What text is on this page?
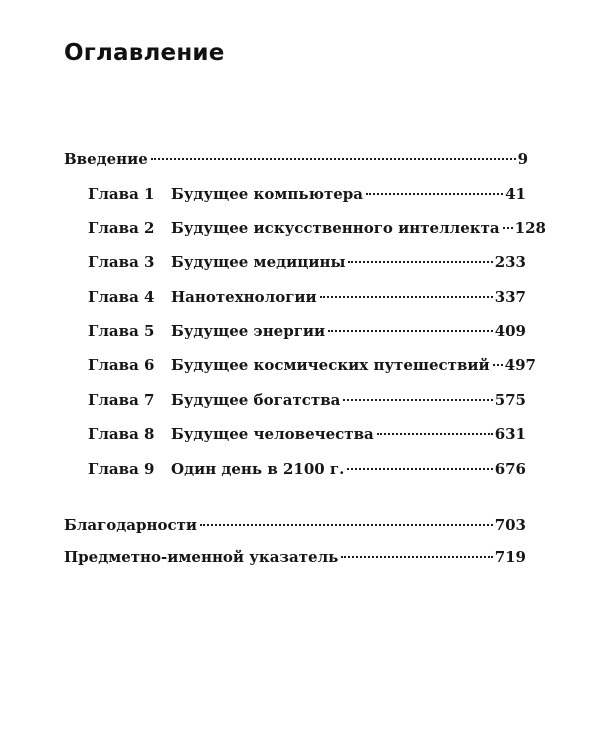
Оглавление
Введение	9
Глава 1 Будущее компьютера	41
Глава 2 Будущее искусственного интеллекта 128
Глава 3 Будущее медицины	233
Глава 4 Нанотехнологии	337
Глава 5 Будущее энергии	409
Глава 6 Будущее космических путешествий 497
Глава 7 Будущее богатства	575
Глава 8 Будущее человечества	631
Глава 9 Один день в 2100 г.	676
Благодарности	703
Предметно-именной указатель	719
